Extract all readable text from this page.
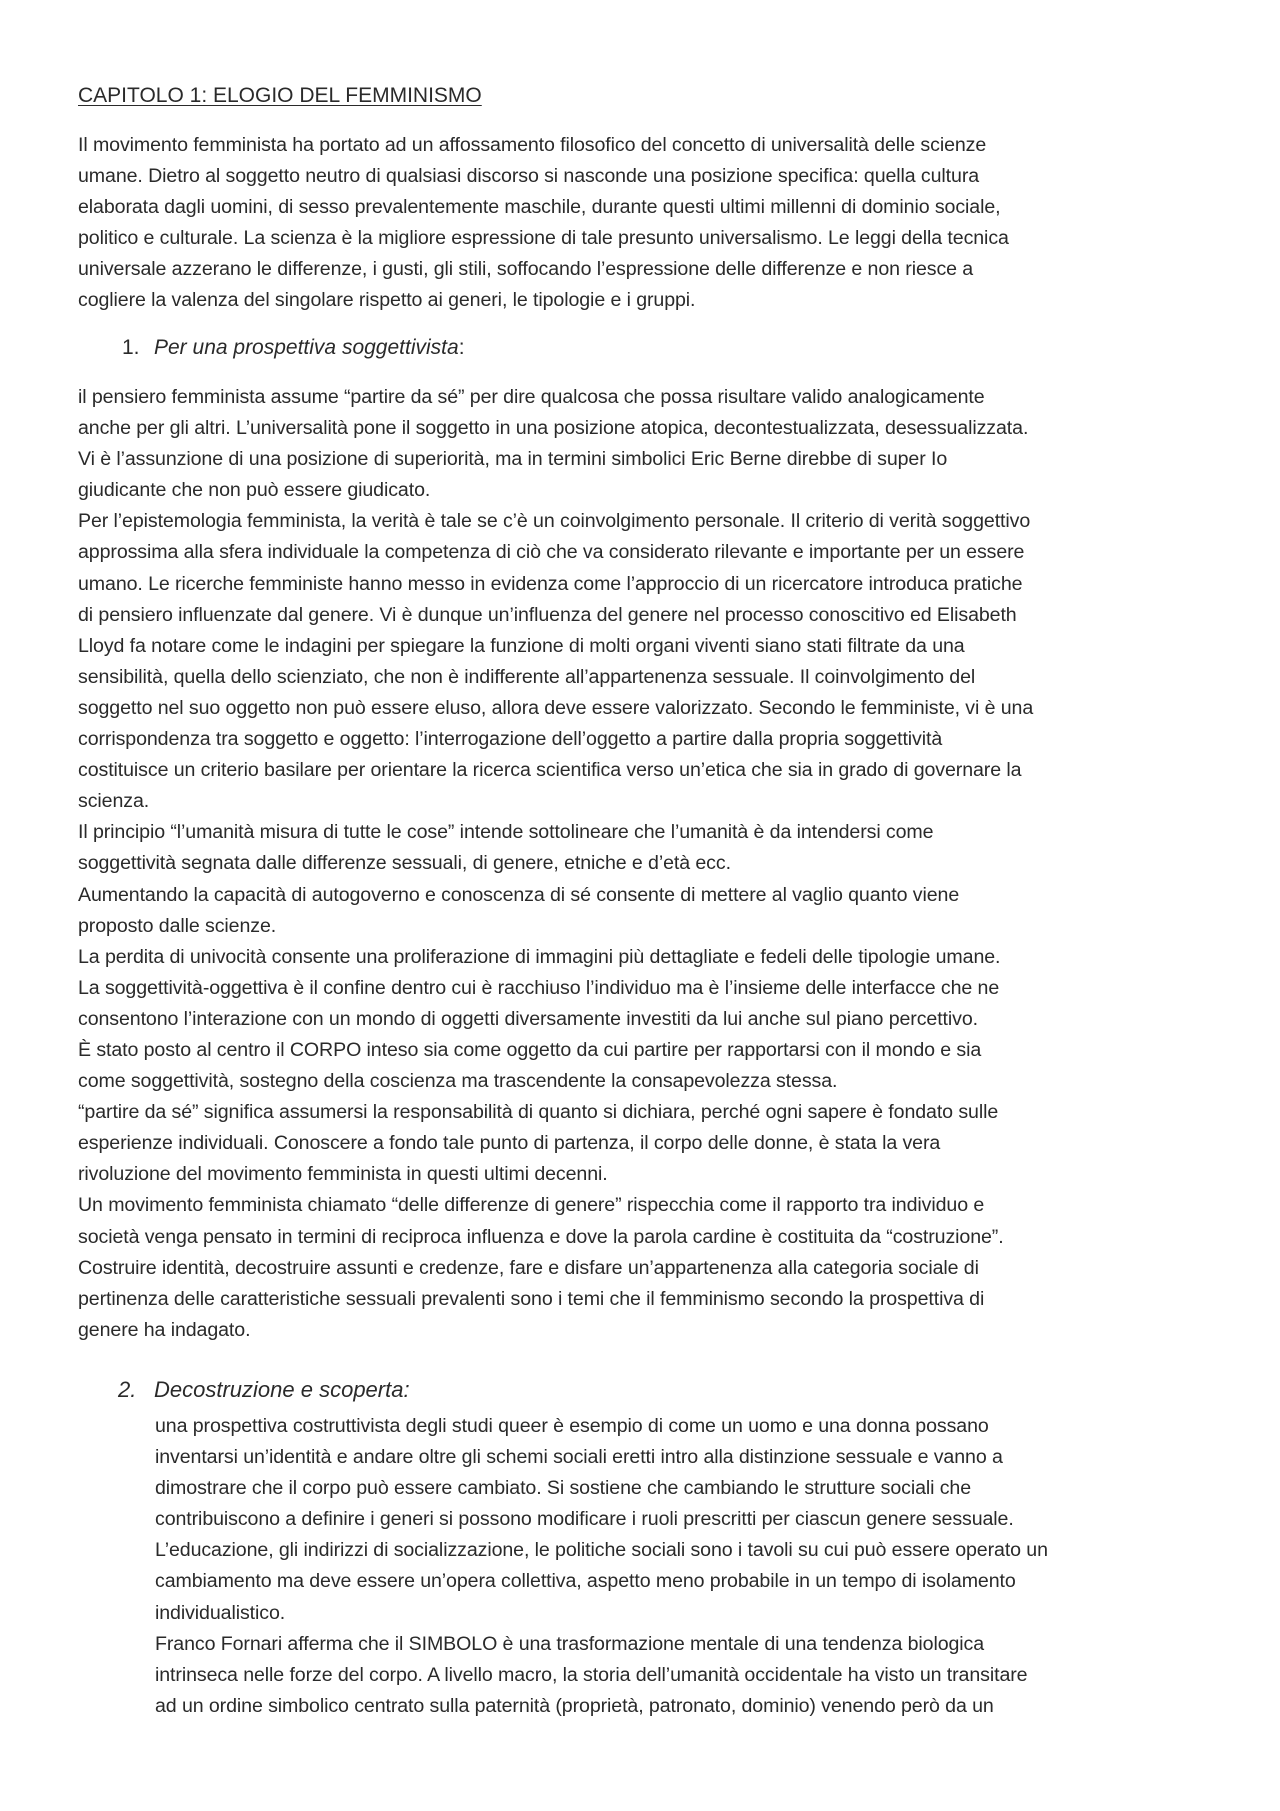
CAPITOLO 1: ELOGIO DEL FEMMINISMO
Il movimento femminista ha portato ad un affossamento filosofico del concetto di universalità delle scienze
umane. Dietro al soggetto neutro di qualsiasi discorso si nasconde una posizione specifica: quella cultura
elaborata dagli uomini, di sesso prevalentemente maschile, durante questi ultimi millenni di dominio sociale,
politico e culturale. La scienza è la migliore espressione di tale presunto universalismo. Le leggi della tecnica
universale azzerano le differenze, i gusti, gli stili, soffocando l’espressione delle differenze e non riesce a
cogliere la valenza del singolare rispetto ai generi, le tipologie e i gruppi.
1. Per una prospettiva soggettivista:
il pensiero femminista assume “partire da sé” per dire qualcosa che possa risultare valido analogicamente
anche per gli altri. L’universalità pone il soggetto in una posizione atopica, decontestualizzata, desessualizzata.
Vi è l’assunzione di una posizione di superiorità, ma in termini simbolici Eric Berne direbbe di super Io
giudicante che non può essere giudicato.
Per l’epistemologia femminista, la verità è tale se c’è un coinvolgimento personale. Il criterio di verità soggettivo
approssima alla sfera individuale la competenza di ciò che va considerato rilevante e importante per un essere
umano. Le ricerche femministe hanno messo in evidenza come l’approccio di un ricercatore introduca pratiche
di pensiero influenzate dal genere. Vi è dunque un’influenza del genere nel processo conoscitivo ed Elisabeth
Lloyd fa notare come le indagini per spiegare la funzione di molti organi viventi siano stati filtrate da una
sensibilità, quella dello scienziato, che non è indifferente all’appartenenza sessuale. Il coinvolgimento del
soggetto nel suo oggetto non può essere eluso, allora deve essere valorizzato. Secondo le femministe, vi è una
corrispondenza tra soggetto e oggetto: l’interrogazione dell’oggetto a partire dalla propria soggettività
costituisce un criterio basilare per orientare la ricerca scientifica verso un’etica che sia in grado di governare la
scienza.
Il principio “l’umanità misura di tutte le cose” intende sottolineare che l’umanità è da intendersi come
soggettività segnata dalle differenze sessuali, di genere, etniche e d’età ecc.
Aumentando la capacità di autogoverno e conoscenza di sé consente di mettere al vaglio quanto viene
proposto dalle scienze.
La perdita di univocità consente una proliferazione di immagini più dettagliate e fedeli delle tipologie umane.
La soggettività-oggettiva è il confine dentro cui è racchiuso l’individuo ma è l’insieme delle interfacce che ne
consentono l’interazione con un mondo di oggetti diversamente investiti da lui anche sul piano percettivo.
È stato posto al centro il CORPO inteso sia come oggetto da cui partire per rapportarsi con il mondo e sia
come soggettività, sostegno della coscienza ma trascendente la consapevolezza stessa.
“partire da sé” significa assumersi la responsabilità di quanto si dichiara, perché ogni sapere è fondato sulle
esperienze individuali. Conoscere a fondo tale punto di partenza, il corpo delle donne, è stata la vera
rivoluzione del movimento femminista in questi ultimi decenni.
Un movimento femminista chiamato “delle differenze di genere” rispecchia come il rapporto tra individuo e
società venga pensato in termini di reciproca influenza e dove la parola cardine è costituita da “costruzione”.
Costruire identità, decostruire assunti e credenze, fare e disfare un’appartenenza alla categoria sociale di
pertinenza delle caratteristiche sessuali prevalenti sono i temi che il femminismo secondo la prospettiva di
genere ha indagato.
2. Decostruzione e scoperta:
una prospettiva costruttivista degli studi queer è esempio di come un uomo e una donna possano
inventarsi un’identità e andare oltre gli schemi sociali eretti intro alla distinzione sessuale e vanno a
dimostrare che il corpo può essere cambiato. Si sostiene che cambiando le strutture sociali che
contribuiscono a definire i generi si possono modificare i ruoli prescritti per ciascun genere sessuale.
L’educazione, gli indirizzi di socializzazione, le politiche sociali sono i tavoli su cui può essere operato un
cambiamento ma deve essere un’opera collettiva, aspetto meno probabile in un tempo di isolamento
individualistico.
Franco Fornari afferma che il SIMBOLO è una trasformazione mentale di una tendenza biologica
intrinseca nelle forze del corpo. A livello macro, la storia dell’umanità occidentale ha visto un transitare
ad un ordine simbolico centrato sulla paternità (proprietà, patronato, dominio) venendo però da un
